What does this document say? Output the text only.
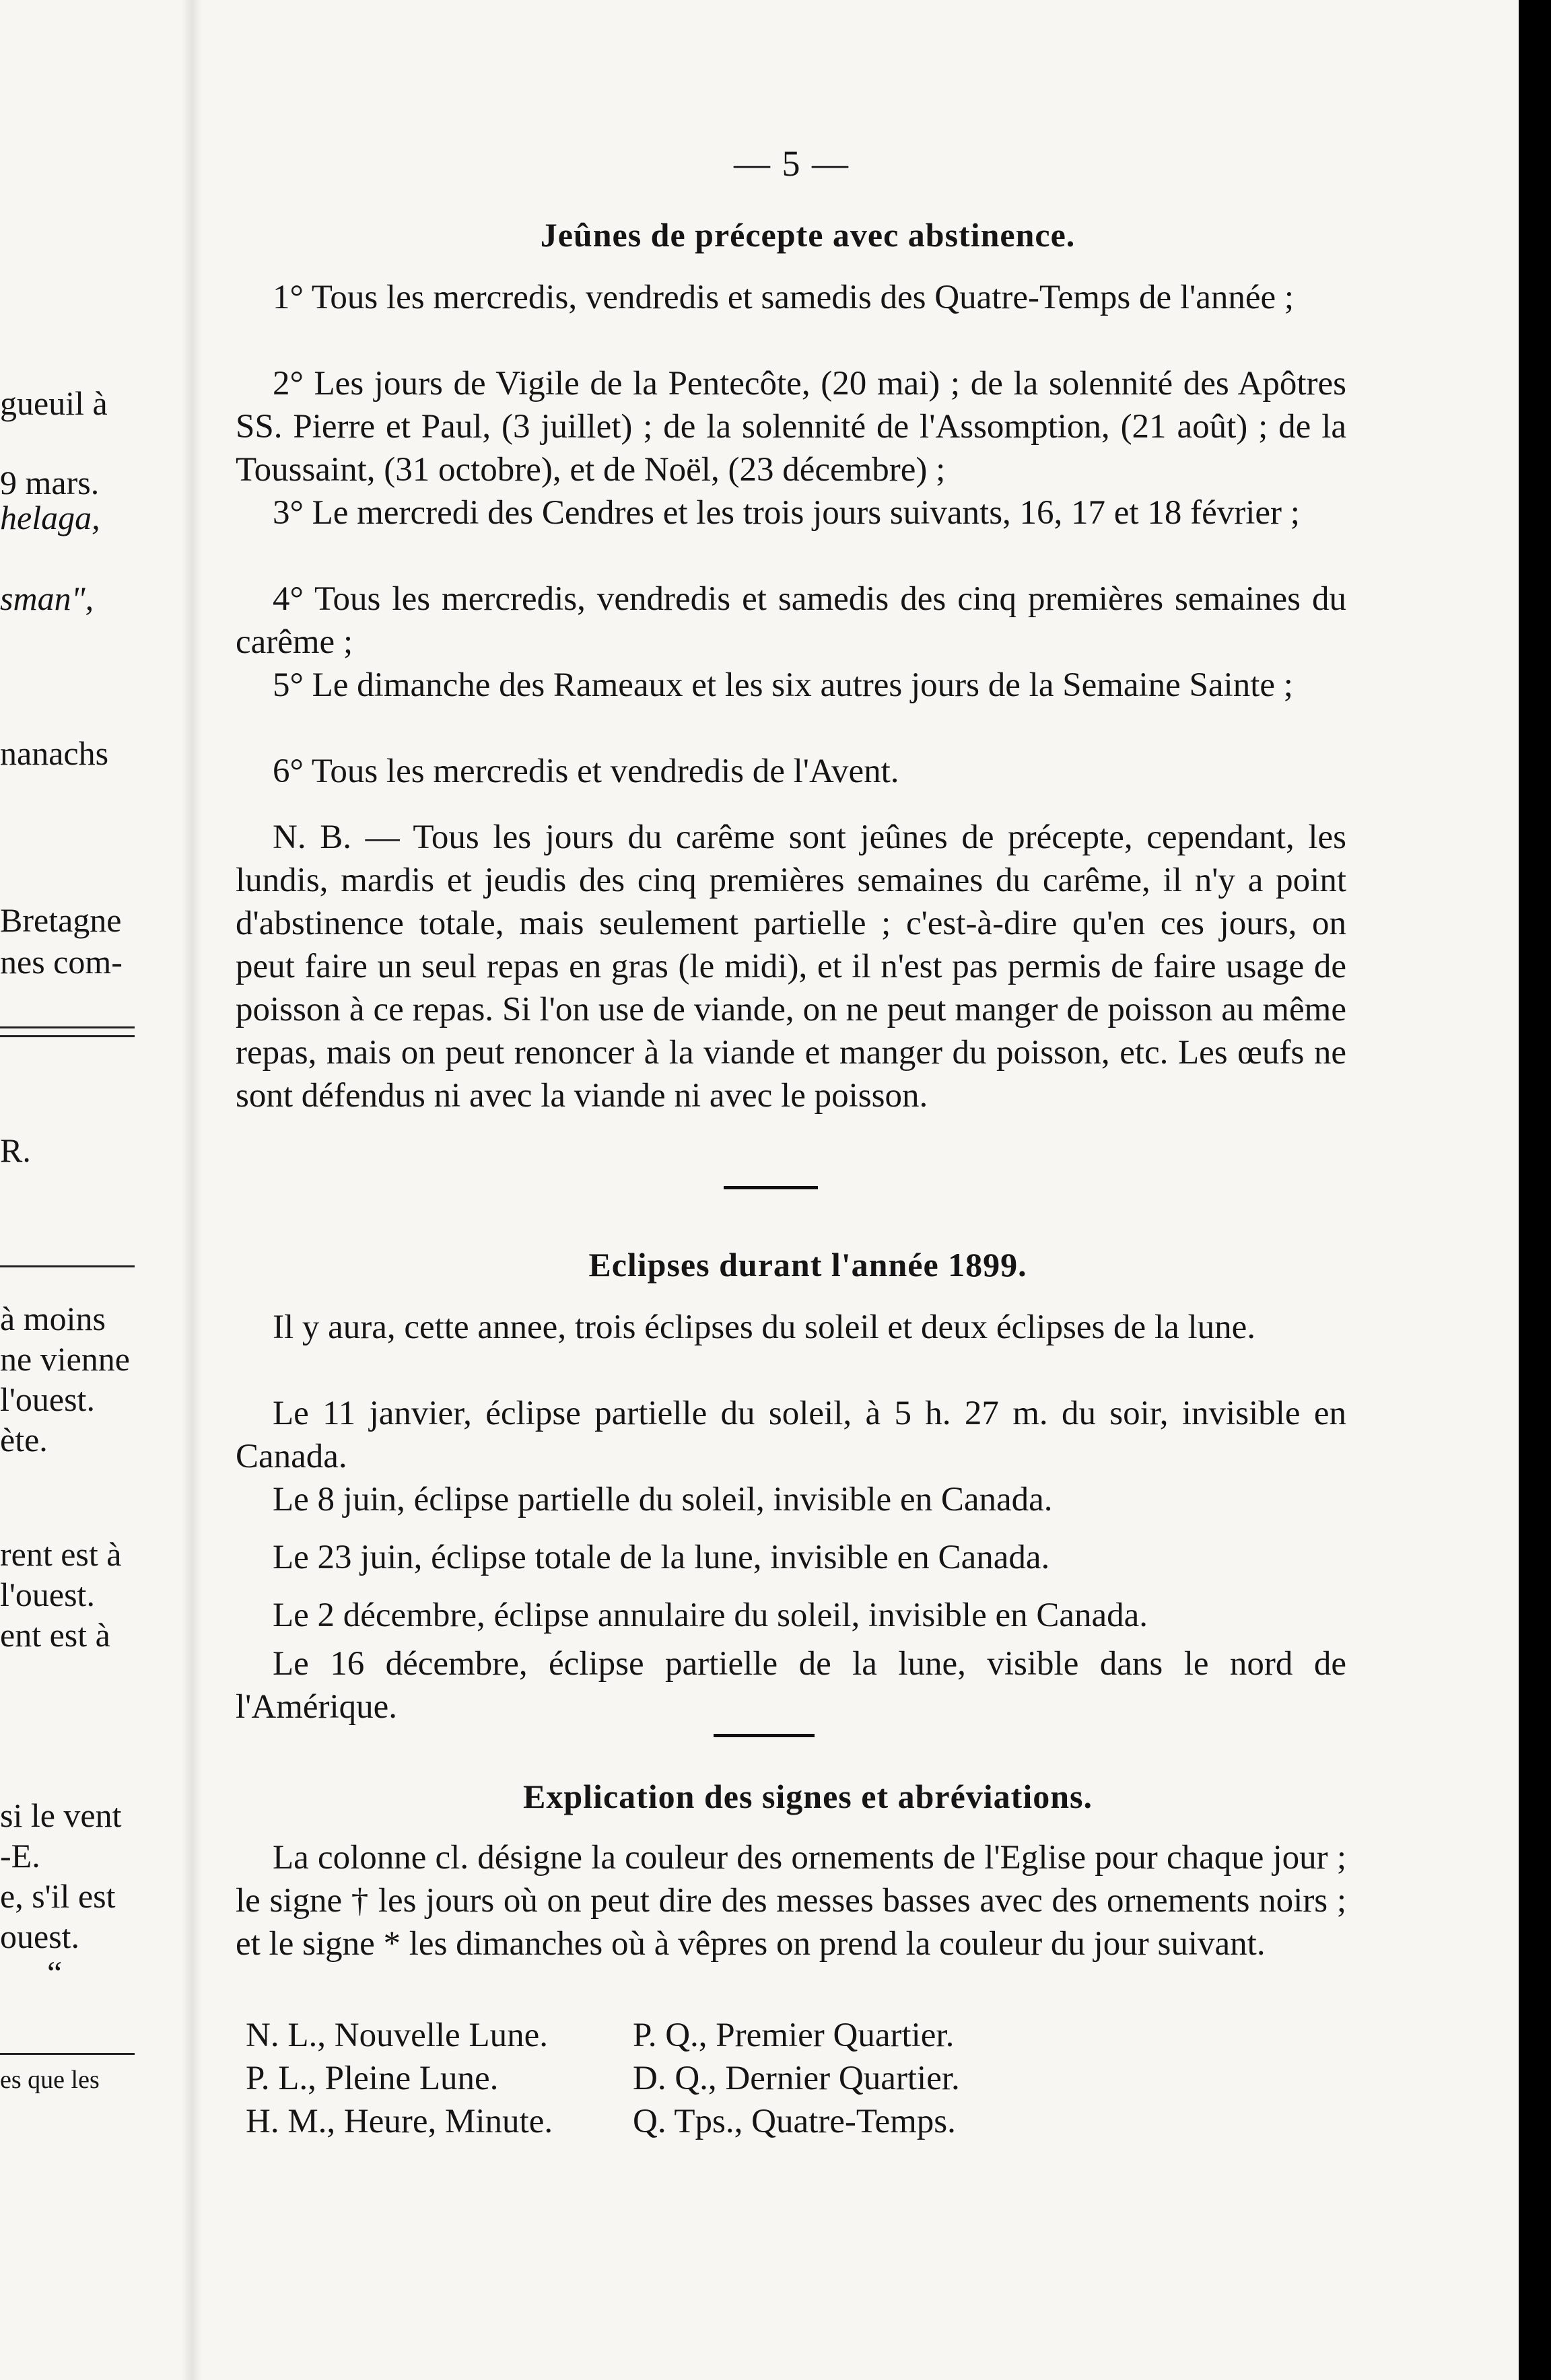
gueuil à
9 mars.
helaga,
sman",
nanachs
Bretagne
nes com-
R.
à moins
ne vienne
l'ouest.
ète.
rent est à
l'ouest.
ent est à
si le vent
-E.
e, s'il est
ouest.
“
es que les
— 5 —
Jeûnes de précepte avec abstinence.

1° Tous les mercredis, vendredis et samedis des Quatre-Temps de l'année ;

2° Les jours de Vigile de la Pentecôte, (20 mai) ; de la solennité des Apôtres SS. Pierre et Paul, (3 juillet) ; de la solennité de l'Assomption, (21 août) ; de la Toussaint, (31 octobre), et de Noël, (23 décembre) ;

3° Le mercredi des Cendres et les trois jours suivants, 16, 17 et 18 février ;

4° Tous les mercredis, vendredis et samedis des cinq premières semaines du carême ;

5° Le dimanche des Rameaux et les six autres jours de la Semaine Sainte ;

6° Tous les mercredis et vendredis de l'Avent.

N. B. — Tous les jours du carême sont jeûnes de précepte, cependant, les lundis, mardis et jeudis des cinq premières semaines du carême, il n'y a point d'abstinence totale, mais seulement partielle ; c'est-à-dire qu'en ces jours, on peut faire un seul repas en gras (le midi), et il n'est pas permis de faire usage de poisson à ce repas. Si l'on use de viande, on ne peut manger de poisson au même repas, mais on peut renoncer à la viande et manger du poisson, etc. Les œufs ne sont défendus ni avec la viande ni avec le poisson.

Eclipses durant l'année 1899.

Il y aura, cette annee, trois éclipses du soleil et deux éclipses de la lune.

Le 11 janvier, éclipse partielle du soleil, à 5 h. 27 m. du soir, invisible en Canada.

Le 8 juin, éclipse partielle du soleil, invisible en Canada.

Le 23 juin, éclipse totale de la lune, invisible en Canada.

Le 2 décembre, éclipse annulaire du soleil, invisible en Canada.

Le 16 décembre, éclipse partielle de la lune, visible dans le nord de l'Amérique.

Explication des signes et abréviations.

La colonne cl. désigne la couleur des ornements de l'Eglise pour chaque jour ; le signe † les jours où on peut dire des messes basses avec des ornements noirs ; et le signe * les dimanches où à vêpres on prend la couleur du jour suivant.

N. L., Nouvelle Lune.	P. Q., Premier Quartier.
P. L., Pleine Lune.	D. Q., Dernier Quartier.
H. M., Heure, Minute.	Q. Tps., Quatre-Temps.
